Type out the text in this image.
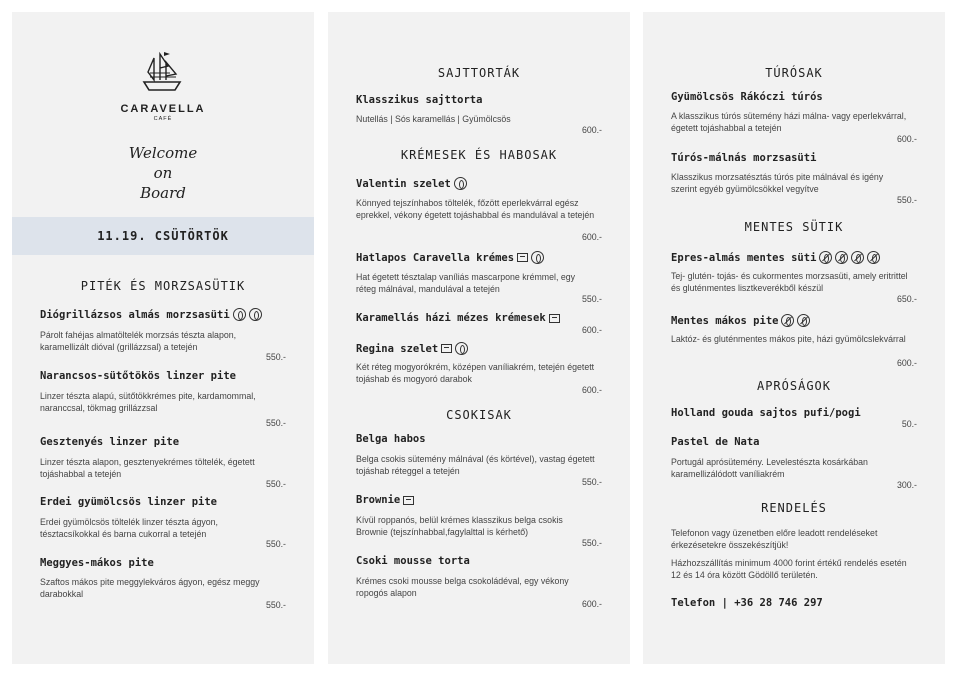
CARAVELLA
CAFÉ
Welcome
on
Board
11.19. CSÜTÖRTÖK
PITÉK ÉS MORZSASÜTIK
Diógrillázsos almás morzsasüti
Párolt fahéjas almatöltelék morzsás tészta alapon, karamellizált dióval (grillázzsal) a tetején
550.-
Narancsos-sütőtökös linzer pite
Linzer tészta alapú, sütőtökkrémes pite, kardamommal, naranccsal, tökmag grillázzsal
550.-
Gesztenyés linzer pite
Linzer tészta alapon, gesztenyekrémes töltelék, égetett tojáshabbal a tetején
550.-
Erdei gyümölcsös linzer pite
Erdei gyümölcsös töltelék linzer tészta ágyon, tésztacsíkokkal és barna cukorral a tetején
550.-
Meggyes-mákos pite
Szaftos mákos pite meggylekváros ágyon, egész meggy darabokkal
550.-
SAJTTORTÁK
Klasszikus sajttorta
Nutellás | Sós karamellás | Gyümölcsös
600.-
KRÉMESEK ÉS HABOSAK
Valentin szelet
Könnyed tejszínhabos töltelék, főzött eperlekvárral egész eprekkel, vékony égetett tojáshabbal és mandulával a tetején
600.-
Hatlapos Caravella krémes
Hat égetett tésztalap vaníliás mascarpone krémmel, egy réteg málnával, mandulával a tetején
550.-
Karamellás házi mézes krémesek
600.-
Regina szelet
Két réteg mogyorókrém, középen vaníliakrém, tetején égetett tojáshab és mogyoró darabok
600.-
CSOKISAK
Belga habos
Belga csokis sütemény málnával (és körtével), vastag égetett tojáshab réteggel a tetején
550.-
Brownie
Kívül roppanós, belül krémes klasszikus belga csokis Brownie (tejszínhabbal,fagylalttal is kérhető)
550.-
Csoki mousse torta
Krémes csoki mousse belga csokoládéval, egy vékony ropogós alapon
600.-
TÚRÓSAK
Gyümölcsös Rákóczi túrós
A klasszikus túrós sütemény házi málna- vagy eperlekvárral, égetett tojáshabbal a tetején
600.-
Túrós-málnás morzsasüti
Klasszikus morzsatésztás túrós pite málnával és igény szerint egyéb gyümölcsökkel vegyítve
550.-
MENTES SÜTIK
Epres-almás mentes süti
Tej- glutén- tojás- és cukormentes morzsasüti, amely eritrittel és gluténmentes lisztkeverékből készül
650.-
Mentes mákos pite
Laktóz- és gluténmentes mákos pite, házi gyümölcslekvárral
600.-
APRÓSÁGOK
Holland gouda sajtos pufi/pogi
50.-
Pastel de Nata
Portugál aprósütemény. Levelestészta kosárkában karamellizálódott vaníliakrém
300.-
RENDELÉS
Telefonon vagy üzenetben előre leadott rendeléseket érkezésetekre összekészítjük!
Házhozszállítás minimum 4000 forint értékű rendelés esetén 12 és 14 óra között Gödöllő területén.
Telefon | +36 28 746 297
